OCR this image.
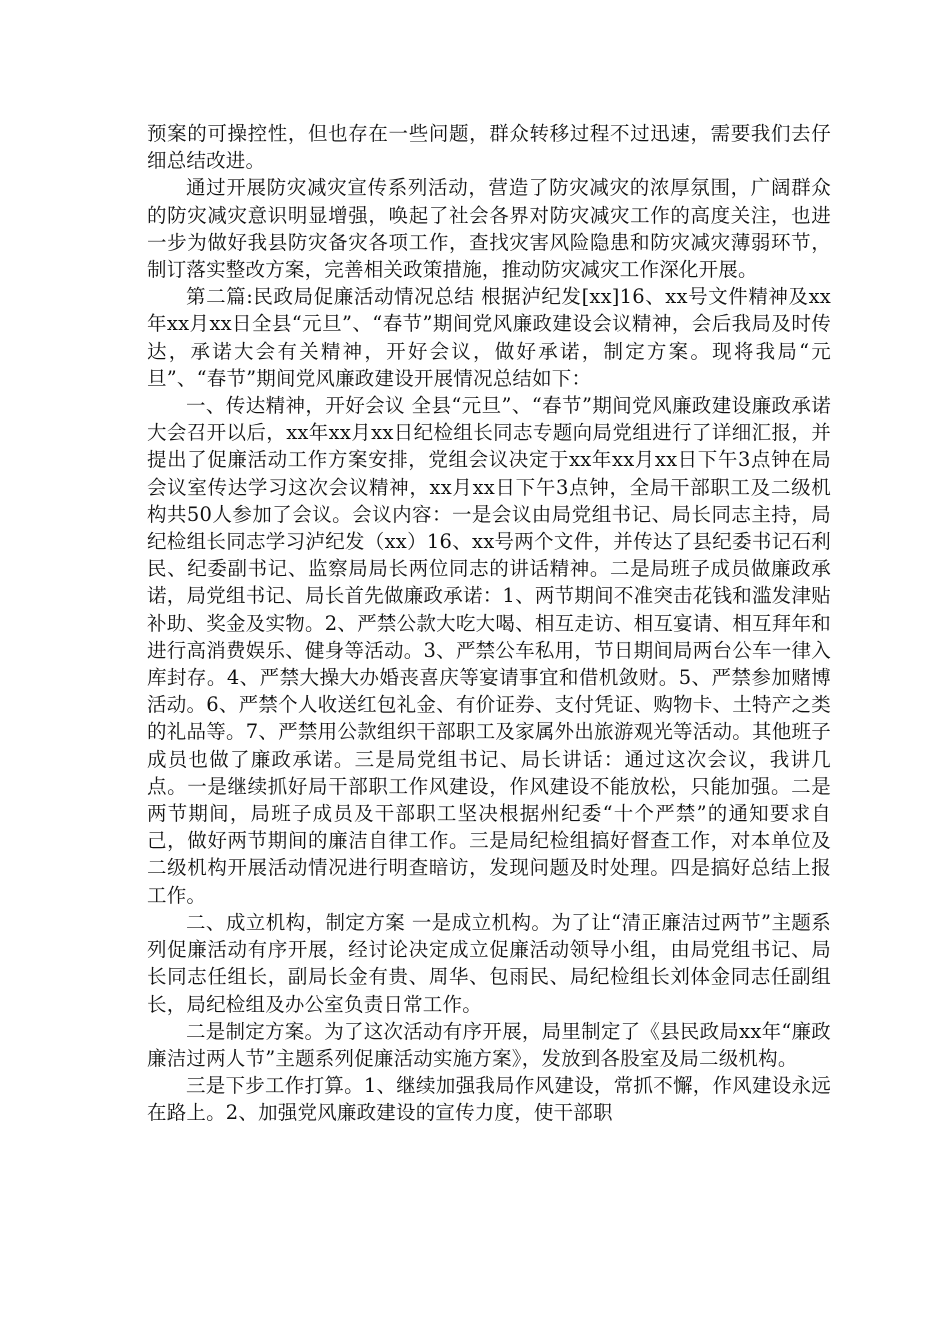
预案的可操控性，但也存在一些问题，群众转移过程不过迅速，需要我们去仔细总结改进。

通过开展防灾减灾宣传系列活动，营造了防灾减灾的浓厚氛围，广阔群众的防灾减灾意识明显增强，唤起了社会各界对防灾减灾工作的高度关注，也进一步为做好我县防灾备灾各项工作，查找灾害风险隐患和防灾减灾薄弱环节，制订落实整改方案，完善相关政策措施，推动防灾减灾工作深化开展。

第二篇:民政局促廉活动情况总结 根据泸纪发[xx]16、xx号文件精神及xx年xx月xx日全县“元旦”、“春节”期间党风廉政建设会议精神，会后我局及时传达，承诺大会有关精神，开好会议，做好承诺，制定方案。现将我局“元旦”、“春节”期间党风廉政建设开展情况总结如下：

一、传达精神，开好会议 全县“元旦”、“春节”期间党风廉政建设廉政承诺大会召开以后，xx年xx月xx日纪检组长同志专题向局党组进行了详细汇报，并提出了促廉活动工作方案安排，党组会议决定于xx年xx月xx日下午3点钟在局会议室传达学习这次会议精神，xx月xx日下午3点钟，全局干部职工及二级机构共50人参加了会议。会议内容：一是会议由局党组书记、局长同志主持，局纪检组长同志学习泸纪发（xx）16、xx号两个文件，并传达了县纪委书记石利民、纪委副书记、监察局局长两位同志的讲话精神。二是局班子成员做廉政承诺，局党组书记、局长首先做廉政承诺：1、两节期间不准突击花钱和滥发津贴补助、奖金及实物。2、严禁公款大吃大喝、相互走访、相互宴请、相互拜年和进行高消费娱乐、健身等活动。3、严禁公车私用，节日期间局两台公车一律入库封存。4、严禁大操大办婚丧喜庆等宴请事宜和借机敛财。5、严禁参加赌博活动。6、严禁个人收送红包礼金、有价证券、支付凭证、购物卡、土特产之类的礼品等。7、严禁用公款组织干部职工及家属外出旅游观光等活动。其他班子成员也做了廉政承诺。三是局党组书记、局长讲话：通过这次会议，我讲几点。一是继续抓好局干部职工作风建设，作风建设不能放松，只能加强。二是两节期间，局班子成员及干部职工坚决根据州纪委“十个严禁”的通知要求自己，做好两节期间的廉洁自律工作。三是局纪检组搞好督查工作，对本单位及二级机构开展活动情况进行明查暗访，发现问题及时处理。四是搞好总结上报工作。

二、成立机构，制定方案 一是成立机构。为了让“清正廉洁过两节”主题系列促廉活动有序开展，经讨论决定成立促廉活动领导小组，由局党组书记、局长同志任组长，副局长金有贵、周华、包雨民、局纪检组长刘体金同志任副组长，局纪检组及办公室负责日常工作。

二是制定方案。为了这次活动有序开展，局里制定了《县民政局xx年“廉政廉洁过两人节”主题系列促廉活动实施方案》，发放到各股室及局二级机构。

三是下步工作打算。1、继续加强我局作风建设，常抓不懈，作风建设永远在路上。2、加强党风廉政建设的宣传力度，使干部职
